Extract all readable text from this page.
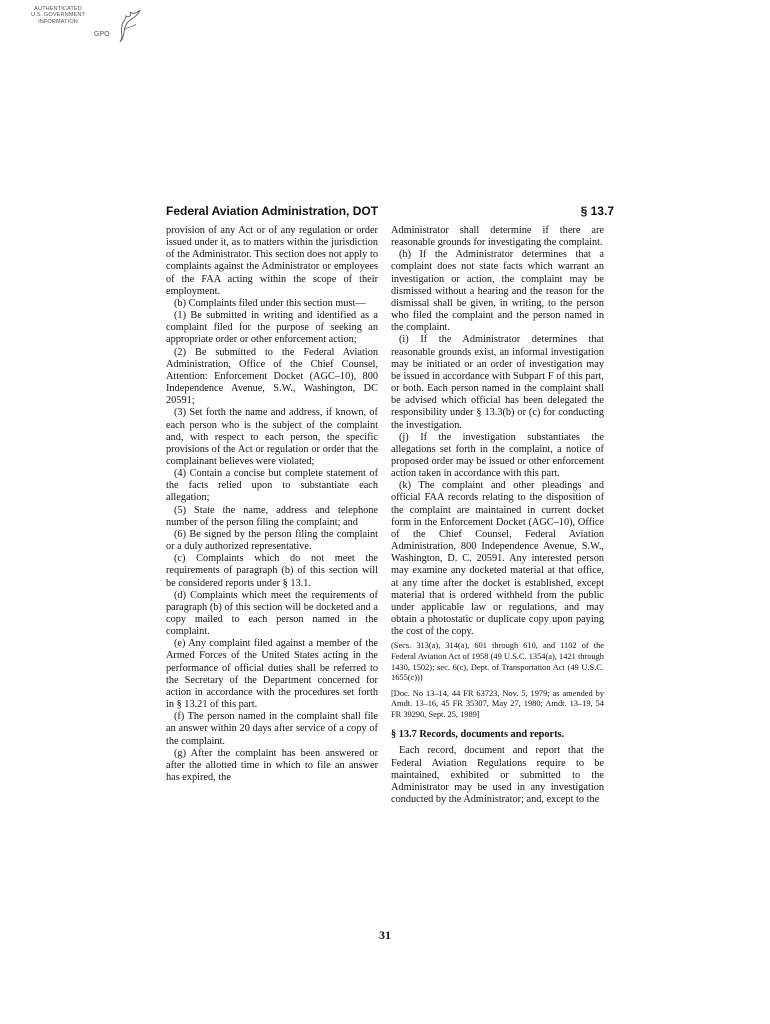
AUTHENTICATED
U.S. GOVERNMENT
INFORMATION
GPO
Federal Aviation Administration, DOT	§ 13.7

provision of any Act or of any regulation or order issued under it, as to matters within the jurisdiction of the Administrator. This section does not apply to complaints against the Administrator or employees of the FAA acting within the scope of their employment.

(b) Complaints filed under this section must—

(1) Be submitted in writing and identified as a complaint filed for the purpose of seeking an appropriate order or other enforcement action;

(2) Be submitted to the Federal Aviation Administration, Office of the Chief Counsel, Attention: Enforcement Docket (AGC–10), 800 Independence Avenue, S.W., Washington, DC 20591;

(3) Set forth the name and address, if known, of each person who is the subject of the complaint and, with respect to each person, the specific provisions of the Act or regulation or order that the complainant believes were violated;

(4) Contain a concise but complete statement of the facts relied upon to substantiate each allegation;

(5) State the name, address and telephone number of the person filing the complaint; and

(6) Be signed by the person filing the complaint or a duly authorized representative.

(c) Complaints which do not meet the requirements of paragraph (b) of this section will be considered reports under § 13.1.

(d) Complaints which meet the requirements of paragraph (b) of this section will be docketed and a copy mailed to each person named in the complaint.

(e) Any complaint filed against a member of the Armed Forces of the United States acting in the performance of official duties shall be referred to the Secretary of the Department concerned for action in accordance with the procedures set forth in § 13.21 of this part.

(f) The person named in the complaint shall file an answer within 20 days after service of a copy of the complaint.

(g) After the complaint has been answered or after the allotted time in which to file an answer has expired, the

Administrator shall determine if there are reasonable grounds for investigating the complaint.

(h) If the Administrator determines that a complaint does not state facts which warrant an investigation or action, the complaint may be dismissed without a hearing and the reason for the dismissal shall be given, in writing, to the person who filed the complaint and the person named in the complaint.

(i) If the Administrator determines that reasonable grounds exist, an informal investigation may be initiated or an order of investigation may be issued in accordance with Subpart F of this part, or both. Each person named in the complaint shall be advised which official has been delegated the responsibility under § 13.3(b) or (c) for conducting the investigation.

(j) If the investigation substantiates the allegations set forth in the complaint, a notice of proposed order may be issued or other enforcement action taken in accordance with this part.

(k) The complaint and other pleadings and official FAA records relating to the disposition of the complaint are maintained in current docket form in the Enforcement Docket (AGC–10), Office of the Chief Counsel, Federal Aviation Administration, 800 Independence Avenue, S.W., Washington, D. C. 20591. Any interested person may examine any docketed material at that office, at any time after the docket is established, except material that is ordered withheld from the public under applicable law or regulations, and may obtain a photostatic or duplicate copy upon paying the cost of the copy.

(Secs. 313(a), 314(a), 601 through 610, and 1102 of the Federal Aviation Act of 1958 (49 U.S.C. 1354(a), 1421 through 1430, 1502); sec. 6(c), Dept. of Transportation Act (49 U.S.C. 1655(c)))

[Doc. No 13–14, 44 FR 63723, Nov. 5, 1979; as amended by Amdt. 13–16, 45 FR 35307, May 27, 1980; Amdt. 13–19, 54 FR 39290, Sept. 25, 1989]

§ 13.7 Records, documents and reports.

Each record, document and report that the Federal Aviation Regulations require to be maintained, exhibited or submitted to the Administrator may be used in any investigation conducted by the Administrator; and, except to the

31
